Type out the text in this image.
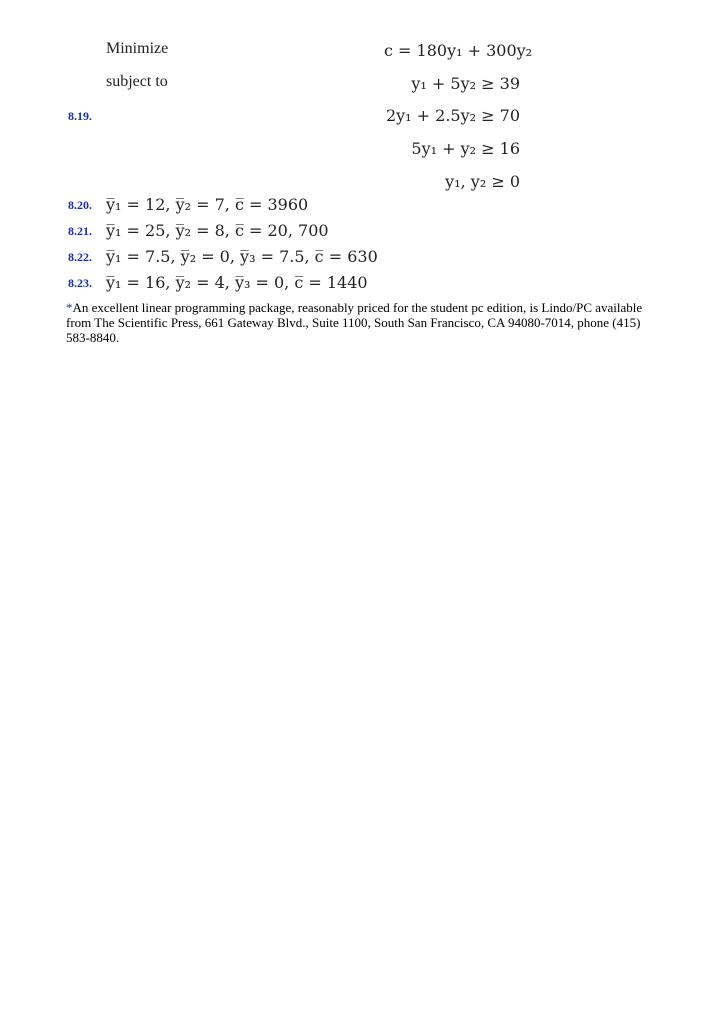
Minimize	c = 180y₁ + 300y₂
subject to	y₁ + 5y₂ ≥ 39
8.19.	2y₁ + 2.5y₂ ≥ 70
5y₁ + y₂ ≥ 16
y₁, y₂ ≥ 0
8.20. y̅₁ = 12, y̅₂ = 7, c̅ = 3960
8.21. y̅₁ = 25, y̅₂ = 8, c̅ = 20, 700
8.22. y̅₁ = 7.5, y̅₂ = 0, y̅₃ = 7.5, c̅ = 630
8.23. y̅₁ = 16, y̅₂ = 4, y̅₃ = 0, c̅ = 1440
*An excellent linear programming package, reasonably priced for the student pc edition, is Lindo/PC available from The Scientific Press, 661 Gateway Blvd., Suite 1100, South San Francisco, CA 94080-7014, phone (415) 583-8840.
